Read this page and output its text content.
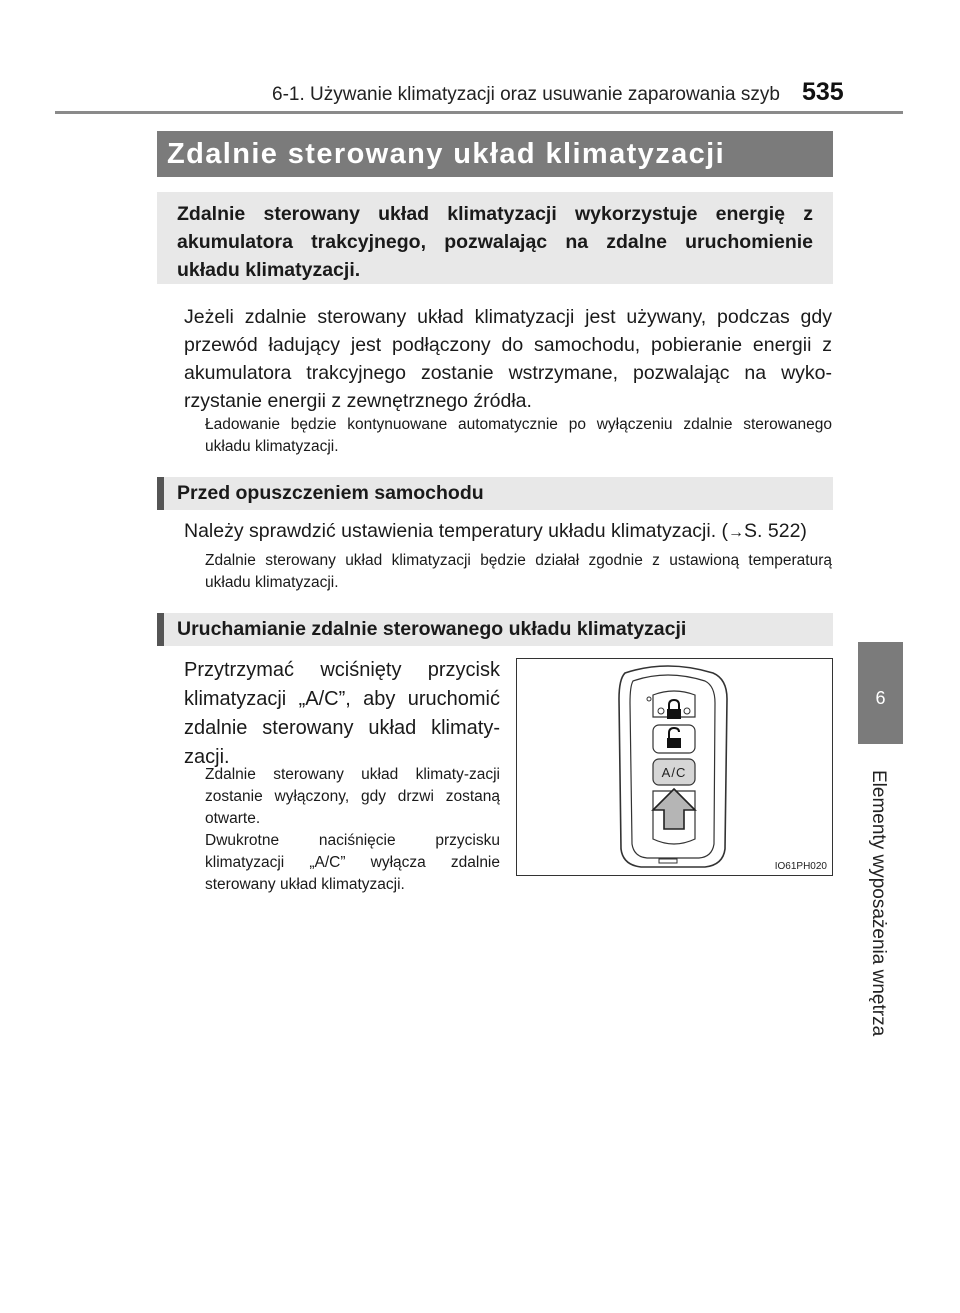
6-1. Używanie klimatyzacji oraz usuwanie zaparowania szyb 535
6
Elementy wyposażenia wnętrza
Zdalnie sterowany układ klimatyzacji
Zdalnie sterowany układ klimatyzacji wykorzystuje energię z akumulatora trakcyjnego, pozwalając na zdalne uruchomienie układu klimatyzacji.
Jeżeli zdalnie sterowany układ klimatyzacji jest używany, podczas gdy przewód ładujący jest podłączony do samochodu, pobieranie energii z akumulatora trakcyjnego zostanie wstrzymane, pozwalając na wyko-rzystanie energii z zewnętrznego źródła.
Ładowanie będzie kontynuowane automatycznie po wyłączeniu zdalnie sterowanego układu klimatyzacji.
Przed opuszczeniem samochodu
Należy sprawdzić ustawienia temperatury układu klimatyzacji. (→S. 522)
Zdalnie sterowany układ klimatyzacji będzie działał zgodnie z ustawioną temperaturą układu klimatyzacji.
Uruchamianie zdalnie sterowanego układu klimatyzacji
Przytrzymać wciśnięty przycisk klimatyzacji „A/C”, aby uruchomić zdalnie sterowany układ klimaty-zacji.
Zdalnie sterowany układ klimaty-zacji zostanie wyłączony, gdy drzwi zostaną otwarte.
Dwukrotne naciśnięcie przycisku klimatyzacji „A/C” wyłącza zdalnie sterowany układ klimatyzacji.
A/C
IO61PH020
